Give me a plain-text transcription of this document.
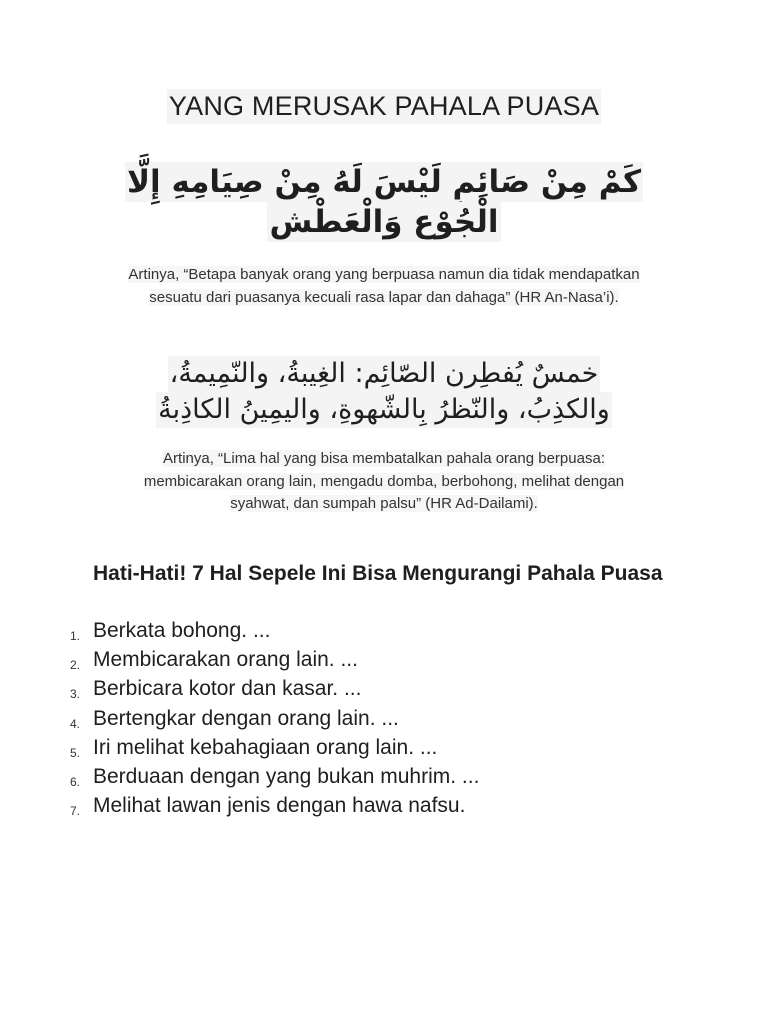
YANG MERUSAK PAHALA PUASA
كَمْ مِنْ صَائِمٍ لَيْسَ لَهُ مِنْ صِيَامِهِ إِلَّا
الْجُوْع وَالْعَطْش
Artinya, “Betapa banyak orang yang berpuasa namun dia tidak mendapatkan
sesuatu dari puasanya kecuali rasa lapar dan dahaga” (HR An-Nasa’i).
خمسٌ يُفطِرن الصّائِم: الغِيبةُ، والنّمِيمةُ،
والكذِبُ، والنّظرُ بِالشّهوةِ، واليمِينُ الكاذِبةُ
Artinya, “Lima hal yang bisa membatalkan pahala orang berpuasa:
membicarakan orang lain, mengadu domba, berbohong, melihat dengan
syahwat, dan sumpah palsu” (HR Ad-Dailami).
Hati-Hati! 7 Hal Sepele Ini Bisa Mengurangi Pahala Puasa
1. Berkata bohong. ...
2. Membicarakan orang lain. ...
3. Berbicara kotor dan kasar. ...
4. Bertengkar dengan orang lain. ...
5. Iri melihat kebahagiaan orang lain. ...
6. Berduaan dengan yang bukan muhrim. ...
7. Melihat lawan jenis dengan hawa nafsu.
